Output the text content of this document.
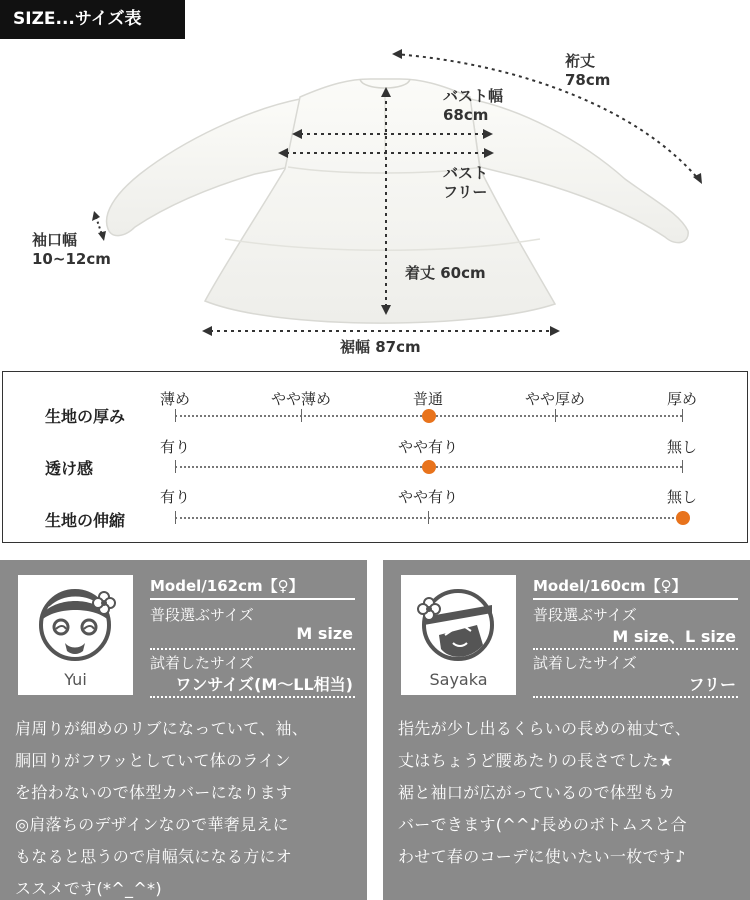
SIZE...サイズ表
裄丈
78cm
バスト幅
68cm
バスト
フリー
袖口幅
10~12cm
着丈 60cm
裾幅 87cm
生地の厚み
薄め	やや薄め	普通	やや厚め	厚め
透け感
有り	やや有り	無し
生地の伸縮
有り	やや有り	無し
Yui
Model/162cm【♀】
普段選ぶサイズ
M size
試着したサイズ
ワンサイズ(M〜LL相当)
肩周りが細めのリブになっていて、袖、
胴回りがフワッとしていて体のライン
を拾わないので体型カバーになります
◎肩落ちのデザインなので華奢見えに
もなると思うので肩幅気になる方にオ
ススメです(*^_^*)
Sayaka
Model/160cm【♀】
普段選ぶサイズ
M size、L size
試着したサイズ
フリー
指先が少し出るくらいの長めの袖丈で、
丈はちょうど腰あたりの長さでした★
裾と袖口が広がっているので体型もカ
バーできます(^^♪長めのボトムスと合
わせて春のコーデに使いたい一枚です♪
